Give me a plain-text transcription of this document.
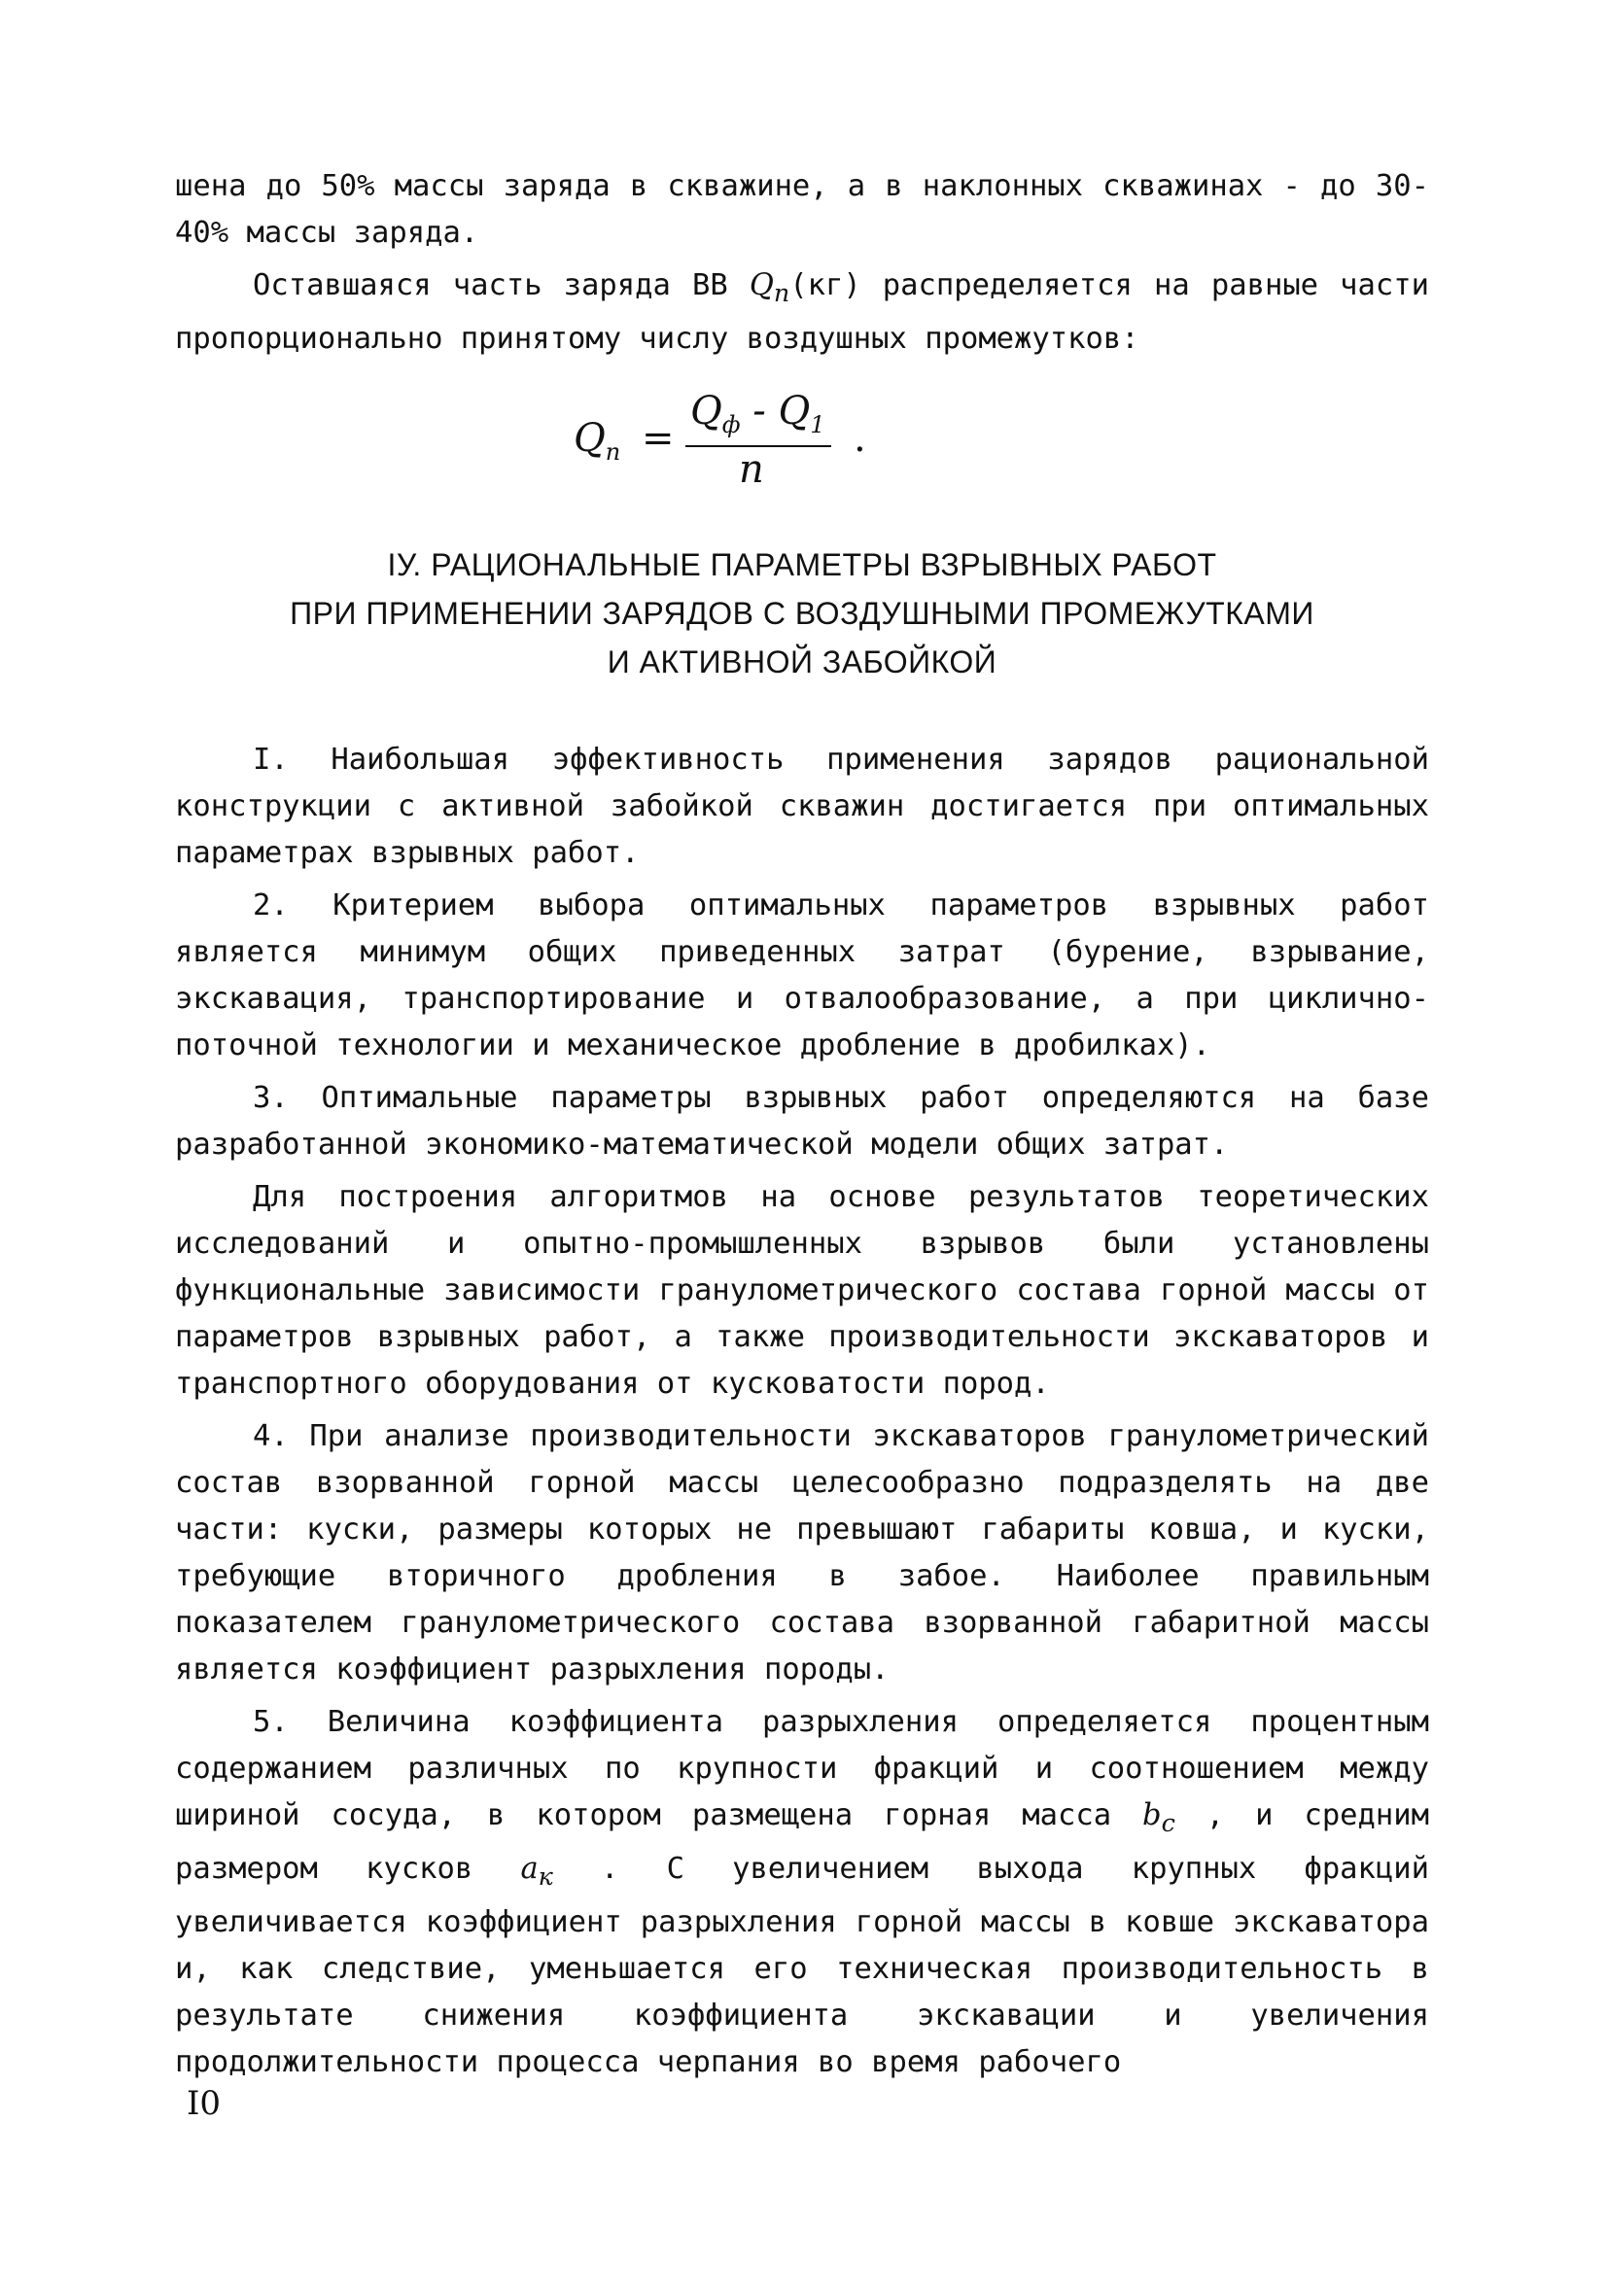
шена до 50% массы заряда в скважине, а в наклонных скважинах - до 30-40% массы заряда.

Оставшаяся часть заряда ВВ $Q_n(кг)$ распределяется на равные части пропорционально принятому числу воздушных промежутков:

$Q_n$ =
$Q_ф - Q_1$
n
.
IУ. РАЦИОНАЛЬНЫЕ ПАРАМЕТРЫ ВЗРЫВНЫХ РАБОТ
ПРИ ПРИМЕНЕНИИ ЗАРЯДОВ С ВОЗДУШНЫМИ ПРОМЕЖУТКАМИ
И АКТИВНОЙ ЗАБОЙКОЙ

I. Наибольшая эффективность применения зарядов рациональной конструкции с активной забойкой скважин достигается при оптимальных параметрах взрывных работ.

2. Критерием выбора оптимальных параметров взрывных работ является минимум общих приведенных затрат (бурение, взрывание, экскавация, транспортирование и отвалообразование, а при циклично-поточной технологии и механическое дробление в дробилках).

3. Оптимальные параметры взрывных работ определяются на базе разработанной экономико-математической модели общих затрат.

Для построения алгоритмов на основе результатов теоретических исследований и опытно-промышленных взрывов были установлены функциональные зависимости гранулометрического состава горной массы от параметров взрывных работ, а также производительности экскаваторов и транспортного оборудования от кусковатости пород.

4. При анализе производительности экскаваторов гранулометрический состав взорванной горной массы целесообразно подразделять на две части: куски, размеры которых не превышают габариты ковша, и куски, требующие вторичного дробления в забое. Наиболее правильным показателем гранулометрического состава взорванной габаритной массы является коэффициент разрыхления породы.

5. Величина коэффициента разрыхления определяется процентным содержанием различных по крупности фракций и соотношением между шириной сосуда, в котором размещена горная масса $b_c$ , и средним размером кусков $a_к$ . С увеличением выхода крупных фракций увеличивается коэффициент разрыхления горной массы в ковше экскаватора и, как следствие, уменьшается его техническая производительность в результате снижения коэффициента экскавации и увеличения продолжительности процесса черпания во время рабочего

I0
